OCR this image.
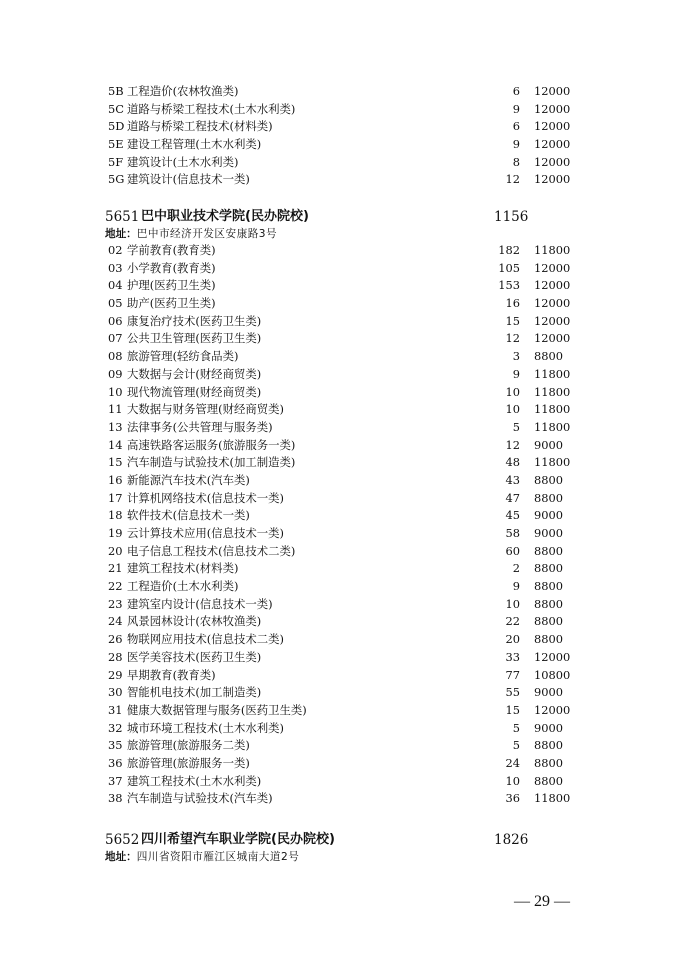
5B 工程造价(农林牧渔类)	6 12000
5C 道路与桥梁工程技术(土木水利类)	9 12000
5D 道路与桥梁工程技术(材料类)	6 12000
5E 建设工程管理(土木水利类)	9 12000
5F 建筑设计(土木水利类)	8 12000
5G 建筑设计(信息技术一类)	12 12000
5651 巴中职业技术学院(民办院校)	1156
地址：巴中市经济开发区安康路3号
02 学前教育(教育类)	182 11800
03 小学教育(教育类)	105 12000
04 护理(医药卫生类)	153 12000
05 助产(医药卫生类)	16 12000
06 康复治疗技术(医药卫生类)	15 12000
07 公共卫生管理(医药卫生类)	12 12000
08 旅游管理(轻纺食品类)	3 8800
09 大数据与会计(财经商贸类)	9 11800
10 现代物流管理(财经商贸类)	10 11800
11 大数据与财务管理(财经商贸类)	10 11800
13 法律事务(公共管理与服务类)	5 11800
14 高速铁路客运服务(旅游服务一类)	12 9000
15 汽车制造与试验技术(加工制造类)	48 11800
16 新能源汽车技术(汽车类)	43 8800
17 计算机网络技术(信息技术一类)	47 8800
18 软件技术(信息技术一类)	45 9000
19 云计算技术应用(信息技术一类)	58 9000
20 电子信息工程技术(信息技术二类)	60 8800
21 建筑工程技术(材料类)	2 8800
22 工程造价(土木水利类)	9 8800
23 建筑室内设计(信息技术一类)	10 8800
24 风景园林设计(农林牧渔类)	22 8800
26 物联网应用技术(信息技术二类)	20 8800
28 医学美容技术(医药卫生类)	33 12000
29 早期教育(教育类)	77 10800
30 智能机电技术(加工制造类)	55 9000
31 健康大数据管理与服务(医药卫生类)	15 12000
32 城市环境工程技术(土木水利类)	5 9000
35 旅游管理(旅游服务二类)	5 8800
36 旅游管理(旅游服务一类)	24 8800
37 建筑工程技术(土木水利类)	10 8800
38 汽车制造与试验技术(汽车类)	36 11800
5652 四川希望汽车职业学院(民办院校)	1826
地址：四川省资阳市雁江区城南大道2号
— 29 —
